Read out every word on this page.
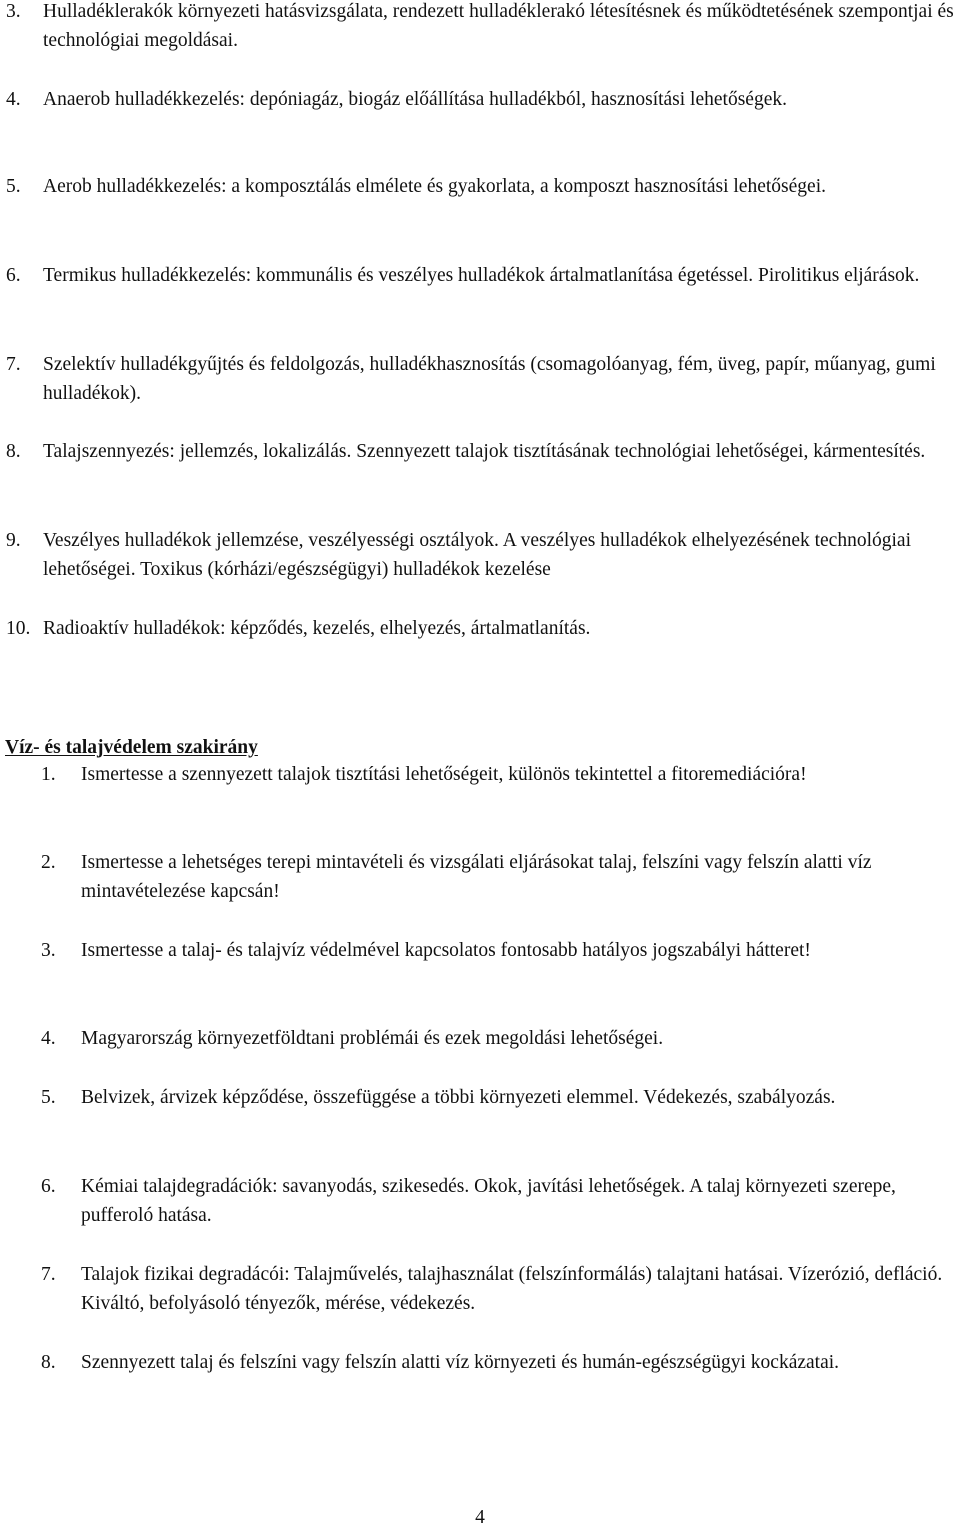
3.	Hulladéklerakók környezeti hatásvizsgálata, rendezett hulladéklerakó létesítésnek és működtetésének szempontjai és technológiai megoldásai.
4.	Anaerob hulladékkezelés: depóniagáz, biogáz előállítása hulladékból, hasznosítási lehetőségek.
5.	Aerob hulladékkezelés: a komposztálás elmélete és gyakorlata, a komposzt hasznosítási lehetőségei.
6.	Termikus hulladékkezelés: kommunális és veszélyes hulladékok ártalmatlanítása égetéssel. Pirolitikus eljárások.
7.	Szelektív hulladékgyűjtés és feldolgozás, hulladékhasznosítás (csomagolóanyag, fém, üveg, papír, műanyag, gumi hulladékok).
8.	Talajszennyezés: jellemzés, lokalizálás. Szennyezett talajok tisztításának technológiai lehetőségei, kármentesítés.
9.	Veszélyes hulladékok jellemzése, veszélyességi osztályok. A veszélyes hulladékok elhelyezésének technológiai lehetőségei. Toxikus (kórházi/egészségügyi) hulladékok kezelése
10. Radioaktív hulladékok: képződés, kezelés, elhelyezés, ártalmatlanítás.
Víz- és talajvédelem szakirány
1.	Ismertesse a szennyezett talajok tisztítási lehetőségeit, különös tekintettel a fitoremediációra!
2.	Ismertesse a lehetséges terepi mintavételi és vizsgálati eljárásokat talaj, felszíni vagy felszín alatti víz mintavételezése kapcsán!
3.	Ismertesse a talaj- és talajvíz védelmével kapcsolatos fontosabb hatályos jogszabályi hátteret!
4.	Magyarország környezetföldtani problémái és ezek megoldási lehetőségei.
5.	Belvizek, árvizek képződése, összefüggése a többi környezeti elemmel. Védekezés, szabályozás.
6.	Kémiai talajdegradációk: savanyodás, szikesedés. Okok, javítási lehetőségek. A talaj környezeti szerepe, pufferoló hatása.
7.	Talajok fizikai degradácói: Talajművelés, talajhasználat (felszínformálás) talajtani hatásai. Vízerózió, defláció. Kiváltó, befolyásoló tényezők, mérése, védekezés.
8.	Szennyezett talaj és felszíni vagy felszín alatti víz környezeti és humán-egészségügyi kockázatai.
4
